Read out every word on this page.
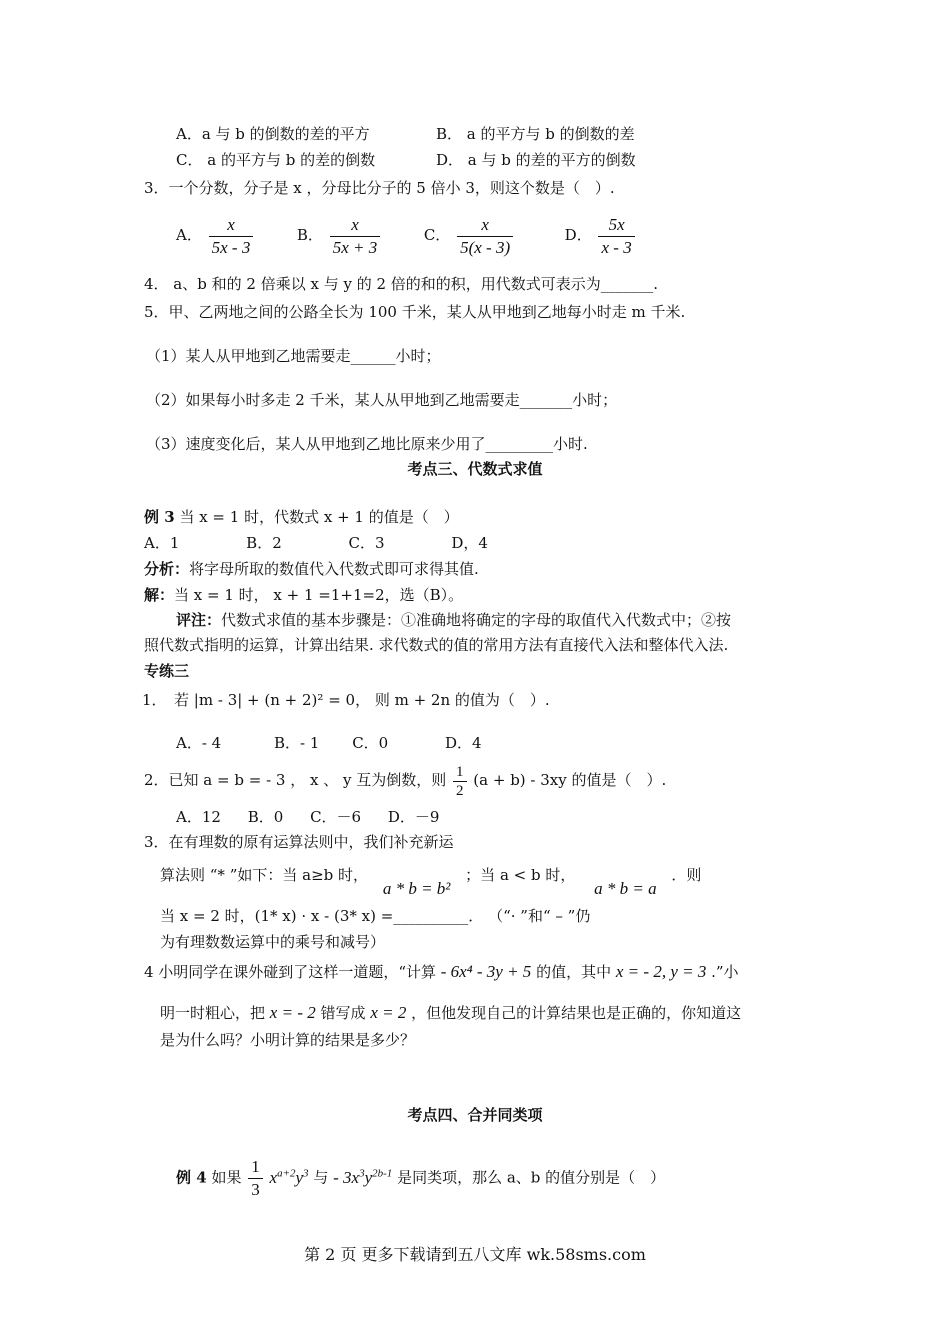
A．a 与 b 的倒数的差的平方	B． a 的平方与 b 的倒数的差
C． a 的平方与 b 的差的倒数	D． a 与 b 的差的平方的倒数
3．一个分数，分子是 x ，分母比分子的 5 倍小 3，则这个数是（　）.
A． $\frac{x}{5x - 3}$	B． $\frac{x}{5x + 3}$	C． $\frac{x}{5(x - 3)}$	D． $\frac{5x}{x - 3}$
4． a、b 和的 2 倍乘以 x 与 y 的 2 倍的和的积，用代数式可表示为_______.
5．甲、乙两地之间的公路全长为 100 千米，某人从甲地到乙地每小时走 m 千米.
（1）某人从甲地到乙地需要走______小时；
（2）如果每小时多走 2 千米，某人从甲地到乙地需要走_______小时；
（3）速度变化后，某人从甲地到乙地比原来少用了_________小时.
考点三、代数式求值
例 3 当 x = 1 时，代数式 x + 1 的值是（　）
A．1	B．2	C．3	D，4
分析：将字母所取的数值代入代数式即可求得其值.
解：当 x = 1 时， x + 1 =1+1=2，选（B）。
评注：代数式求值的基本步骤是：①准确地将确定的字母的取值代入代数式中；②按
照代数式指明的运算，计算出结果. 求代数式的值的常用方法有直接代入法和整体代入法.
专练三
1．　若 |m - 3| + (n + 2)² = 0， 则 m + 2n 的值为（　）.
A．- 4	B．- 1 C．0	D．4
2．已知 a = b = - 3 ， x 、 y 互为倒数，则 $\frac{1}{2} (a + b) - 3xy$ 的值是（　）.
A．12 B．0 C．－6 D．－9
3．在有理数的原有运算法则中，我们补充新运
算法则 “* ”如下：当 a≥b 时， a * b = b² ；当 a < b 时， a * b = a ．则
当 x = 2 时，(1* x) · x - (3* x) =__________． （“· ”和“ – ”仍
为有理数数运算中的乘号和减号）
4 小明同学在课外碰到了这样一道题，“计算 - 6x⁴ - 3y + 5 的值，其中 x = - 2, y = 3 .”小
明一时粗心，把 x = - 2 错写成 x = 2 ，但他发现自己的计算结果也是正确的，你知道这
是为什么吗？小明计算的结果是多少？
考点四、合并同类项
例 4 如果 $\frac{1}{3} x^{a+2}y^3$ 与 - $3x^3y^{2b-1}$ 是同类项，那么 a、b 的值分别是（　）
第 2 页 更多下载请到五八文库 wk.58sms.com
